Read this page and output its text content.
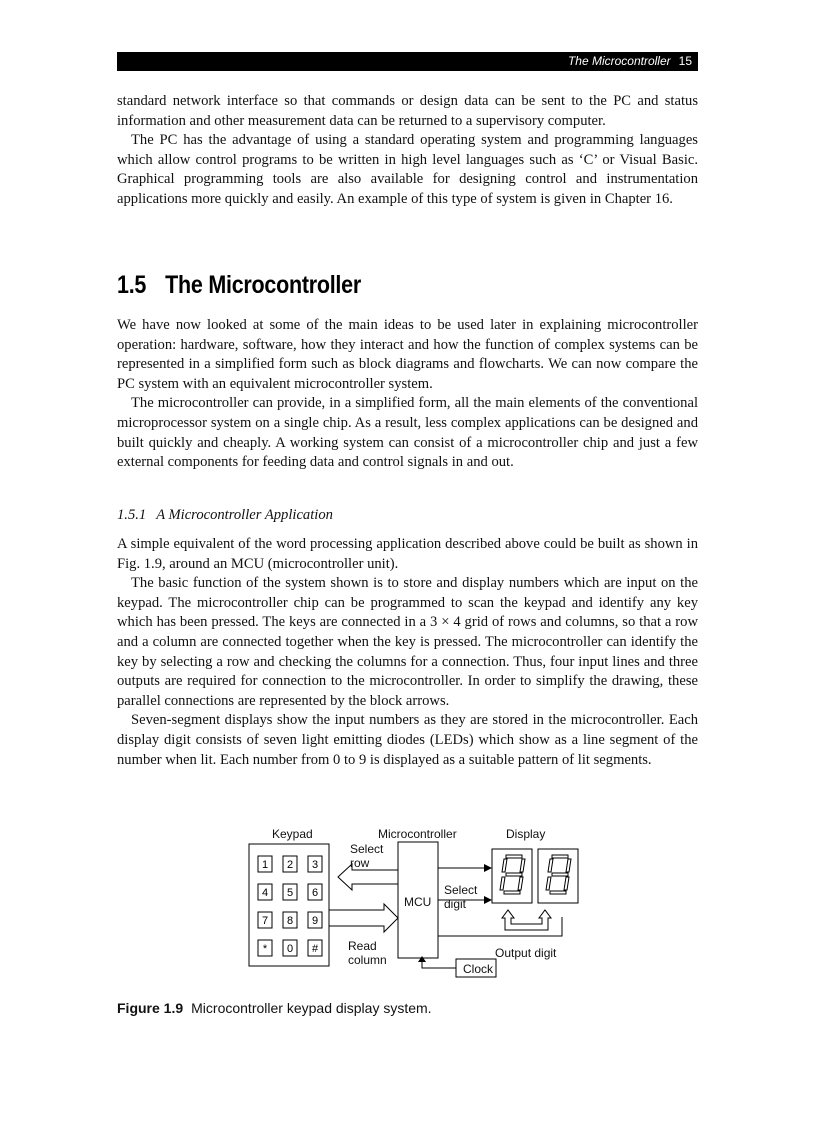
The Microcontroller 15

standard network interface so that commands or design data can be sent to the PC and status information and other measurement data can be returned to a supervisory computer.

The PC has the advantage of using a standard operating system and programming languages which allow control programs to be written in high level languages such as ‘C’ or Visual Basic. Graphical programming tools are also available for designing control and instrumentation applications more quickly and easily. An example of this type of system is given in Chapter 16.

1.5 The Microcontroller

We have now looked at some of the main ideas to be used later in explaining microcontroller operation: hardware, software, how they interact and how the function of complex systems can be represented in a simplified form such as block diagrams and flowcharts. We can now compare the PC system with an equivalent microcontroller system.

The microcontroller can provide, in a simplified form, all the main elements of the conventional microprocessor system on a single chip. As a result, less complex applications can be designed and built quickly and cheaply. A working system can consist of a microcontroller chip and just a few external components for feeding data and control signals in and out.

1.5.1 A Microcontroller Application

A simple equivalent of the word processing application described above could be built as shown in Fig. 1.9, around an MCU (microcontroller unit).

The basic function of the system shown is to store and display numbers which are input on the keypad. The microcontroller chip can be programmed to scan the keypad and identify any key which has been pressed. The keys are connected in a 3 × 4 grid of rows and columns, so that a row and a column are connected together when the key is pressed. The microcontroller can identify the key by selecting a row and checking the columns for a connection. Thus, four input lines and three outputs are required for connection to the microcontroller. In order to simplify the drawing, these parallel connections are represented by the block arrows.

Seven-segment displays show the input numbers as they are stored in the microcontroller. Each display digit consists of seven light emitting diodes (LEDs) which show as a line segment of the number when lit. Each number from 0 to 9 is displayed as a suitable pattern of lit segments.

1 2 3
4 5 6
7 8 9
* 0 #
Keypad	Microcontroller	Display
Select
row
MCU
Select
digit
Read
column	Output digit
Clock
Figure 1.9 Microcontroller keypad display system.
